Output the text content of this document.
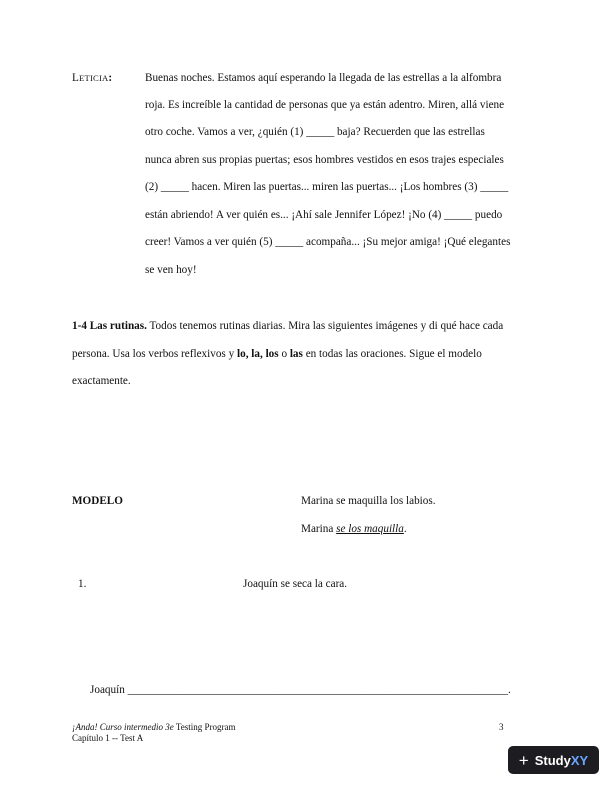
LETICIA:	Buenas noches. Estamos aquí esperando la llegada de las estrellas a la alfombra
roja. Es increíble la cantidad de personas que ya están adentro. Miren, allá viene
otro coche. Vamos a ver, ¿quién (1) _____ baja? Recuerden que las estrellas
nunca abren sus propias puertas; esos hombres vestidos en esos trajes especiales
(2) _____ hacen. Miren las puertas... miren las puertas... ¡Los hombres (3) _____
están abriendo! A ver quién es... ¡Ahí sale Jennifer López! ¡No (4) _____ puedo
creer! Vamos a ver quién (5) _____ acompaña... ¡Su mejor amiga! ¡Qué elegantes
se ven hoy!
1-4 Las rutinas. Todos tenemos rutinas diarias. Mira las siguientes imágenes y di qué hace cada
persona. Usa los verbos reflexivos y lo, la, los o las en todas las oraciones. Sigue el modelo
exactamente.
MODELO	Marina se maquilla los labios.
Marina se los maquilla.
1.	Joaquín se seca la cara.
Joaquín ____________________________________________________________________.
¡Anda! Curso intermedio 3e Testing Program
Capítulo 1 -- Test A
3
+ Study XY
